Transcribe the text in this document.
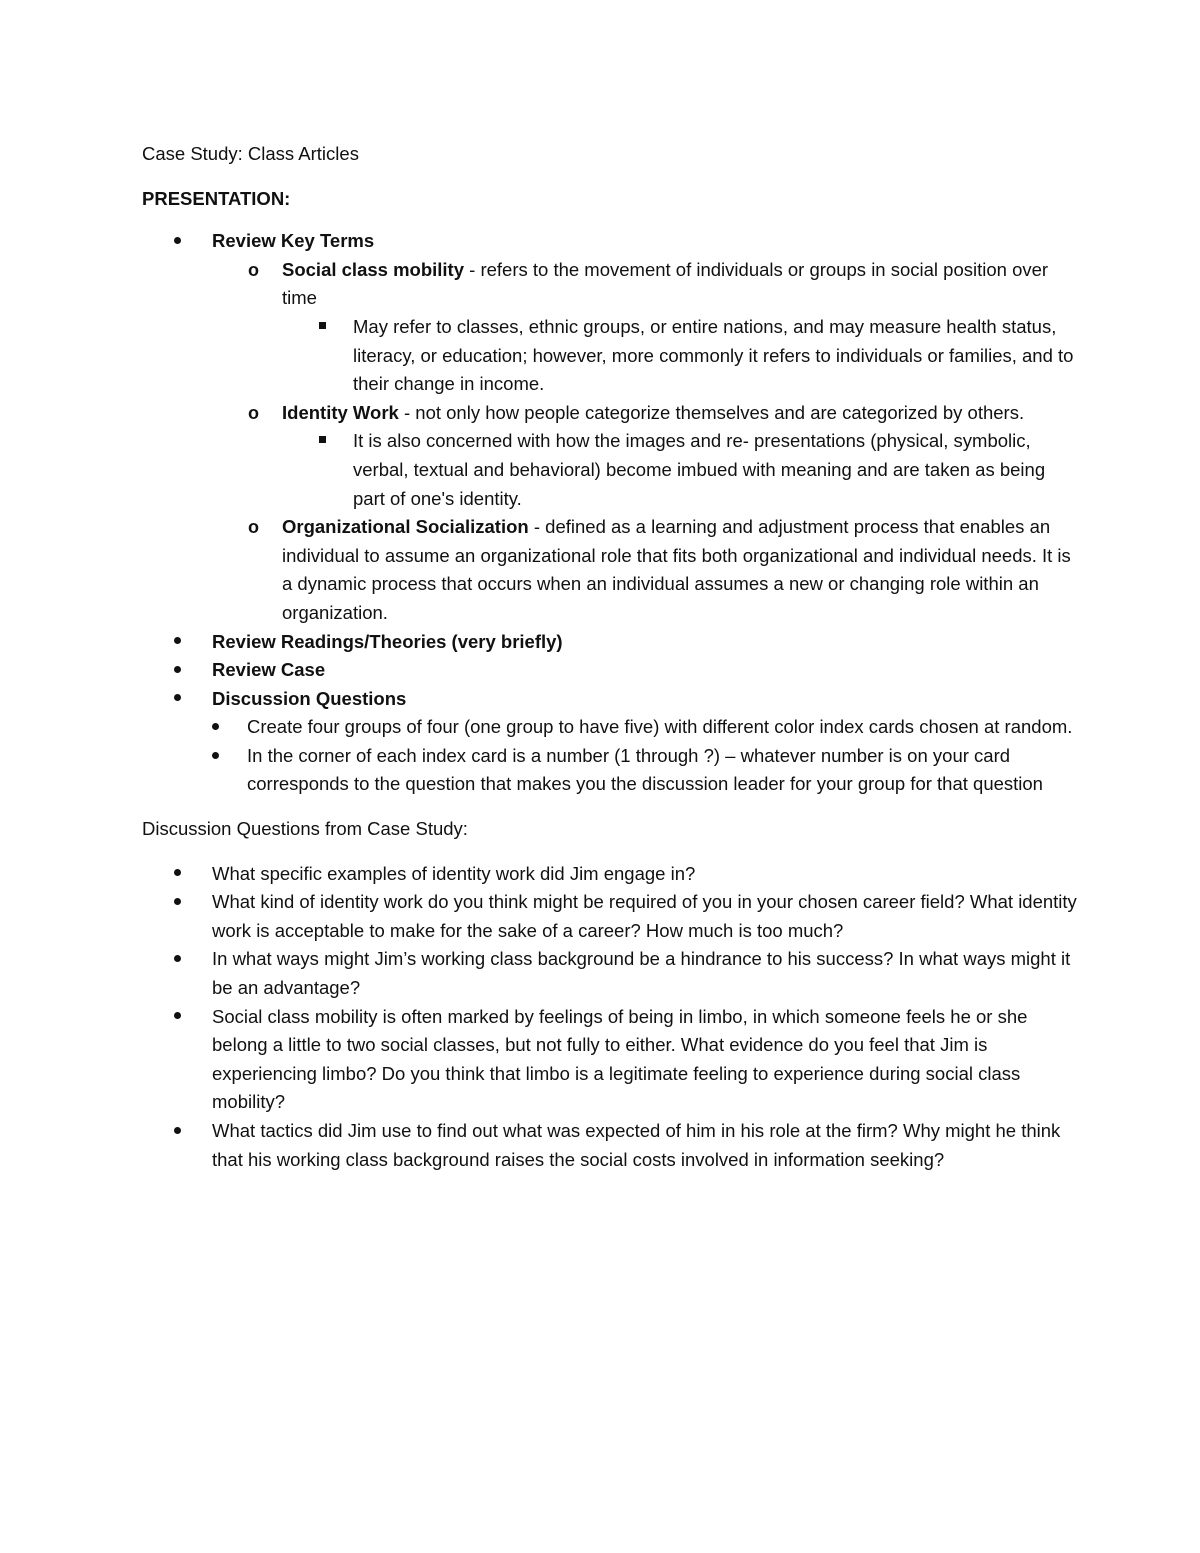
Case Study: Class Articles

PRESENTATION:

Review Key Terms
o Social class mobility - refers to the movement of individuals or groups in social position over time
May refer to classes, ethnic groups, or entire nations, and may measure health status, literacy, or education; however, more commonly it refers to individuals or families, and to their change in income.
o Identity Work - not only how people categorize themselves and are categorized by others.
It is also concerned with how the images and re- presentations (physical, symbolic, verbal, textual and behavioral) become imbued with meaning and are taken as being part of one's identity.
o Organizational Socialization - defined as a learning and adjustment process that enables an individual to assume an organizational role that fits both organizational and individual needs. It is a dynamic process that occurs when an individual assumes a new or changing role within an organization.
Review Readings/Theories (very briefly)
Review Case
Discussion Questions
Create four groups of four (one group to have five) with different color index cards chosen at random.
In the corner of each index card is a number (1 through ?) – whatever number is on your card corresponds to the question that makes you the discussion leader for your group for that question

Discussion Questions from Case Study:

What specific examples of identity work did Jim engage in?
What kind of identity work do you think might be required of you in your chosen career field? What identity work is acceptable to make for the sake of a career? How much is too much?
In what ways might Jim’s working class background be a hindrance to his success? In what ways might it be an advantage?
Social class mobility is often marked by feelings of being in limbo, in which someone feels he or she belong a little to two social classes, but not fully to either. What evidence do you feel that Jim is experiencing limbo? Do you think that limbo is a legitimate feeling to experience during social class mobility?
What tactics did Jim use to find out what was expected of him in his role at the firm? Why might he think that his working class background raises the social costs involved in information seeking?
